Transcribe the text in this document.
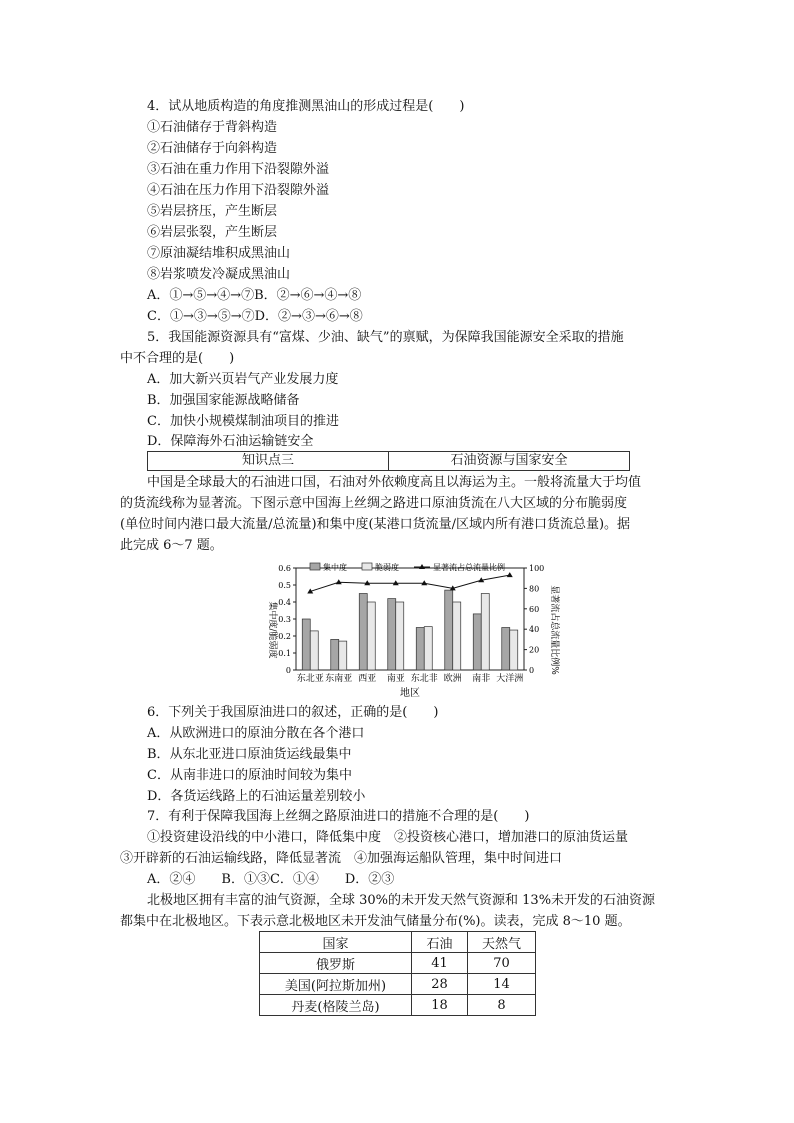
4．试从地质构造的角度推测黑油山的形成过程是(　　)
①石油储存于背斜构造
②石油储存于向斜构造
③石油在重力作用下沿裂隙外溢
④石油在压力作用下沿裂隙外溢
⑤岩层挤压，产生断层
⑥岩层张裂，产生断层
⑦原油凝结堆积成黑油山
⑧岩浆喷发冷凝成黑油山
A．①→⑤→④→⑦B．②→⑥→④→⑧
C．①→③→⑤→⑦D．②→③→⑥→⑧
5．我国能源资源具有“富煤、少油、缺气”的禀赋，为保障我国能源安全采取的措施
中不合理的是(　　)
A．加大新兴页岩气产业发展力度
B．加强国家能源战略储备
C．加快小规模煤制油项目的推进
D．保障海外石油运输链安全
知识点三	石油资源与国家安全
中国是全球最大的石油进口国，石油对外依赖度高且以海运为主。一般将流量大于均值
的货流线称为显著流。下图示意中国海上丝绸之路进口原油货流在八大区域的分布脆弱度
(单位时间内港口最大流量/总流量)和集中度(某港口货流量/区域内所有港口货流总量)。据
此完成 6～7 题。
0
0.1
0.2
0.3
0.4
0.5
0.6
0
20
40
60
80
100
东北亚 东南亚 西亚 南亚 东北非 欧洲 南非 大洋洲
集中度	脆弱度	显著流占总流量比例
集中度/脆弱度	显著流占总流量比例%
地区
6．下列关于我国原油进口的叙述，正确的是(　　)
A．从欧洲进口的原油分散在各个港口
B．从东北亚进口原油货运线最集中
C．从南非进口的原油时间较为集中
D．各货运线路上的石油运量差别较小
7．有利于保障我国海上丝绸之路原油进口的措施不合理的是(　　)
①投资建设沿线的中小港口，降低集中度　②投资核心港口，增加港口的原油货运量
③开辟新的石油运输线路，降低显著流　④加强海运船队管理，集中时间进口
A．②④　　B．①③C．①④　　D．②③
北极地区拥有丰富的油气资源，全球 30%的未开发天然气资源和 13%未开发的石油资源
都集中在北极地区。下表示意北极地区未开发油气储量分布(%)。读表，完成 8～10 题。
国家	石油	天然气
俄罗斯	41	70
美国(阿拉斯加州)	28	14
丹麦(格陵兰岛)	18	8
